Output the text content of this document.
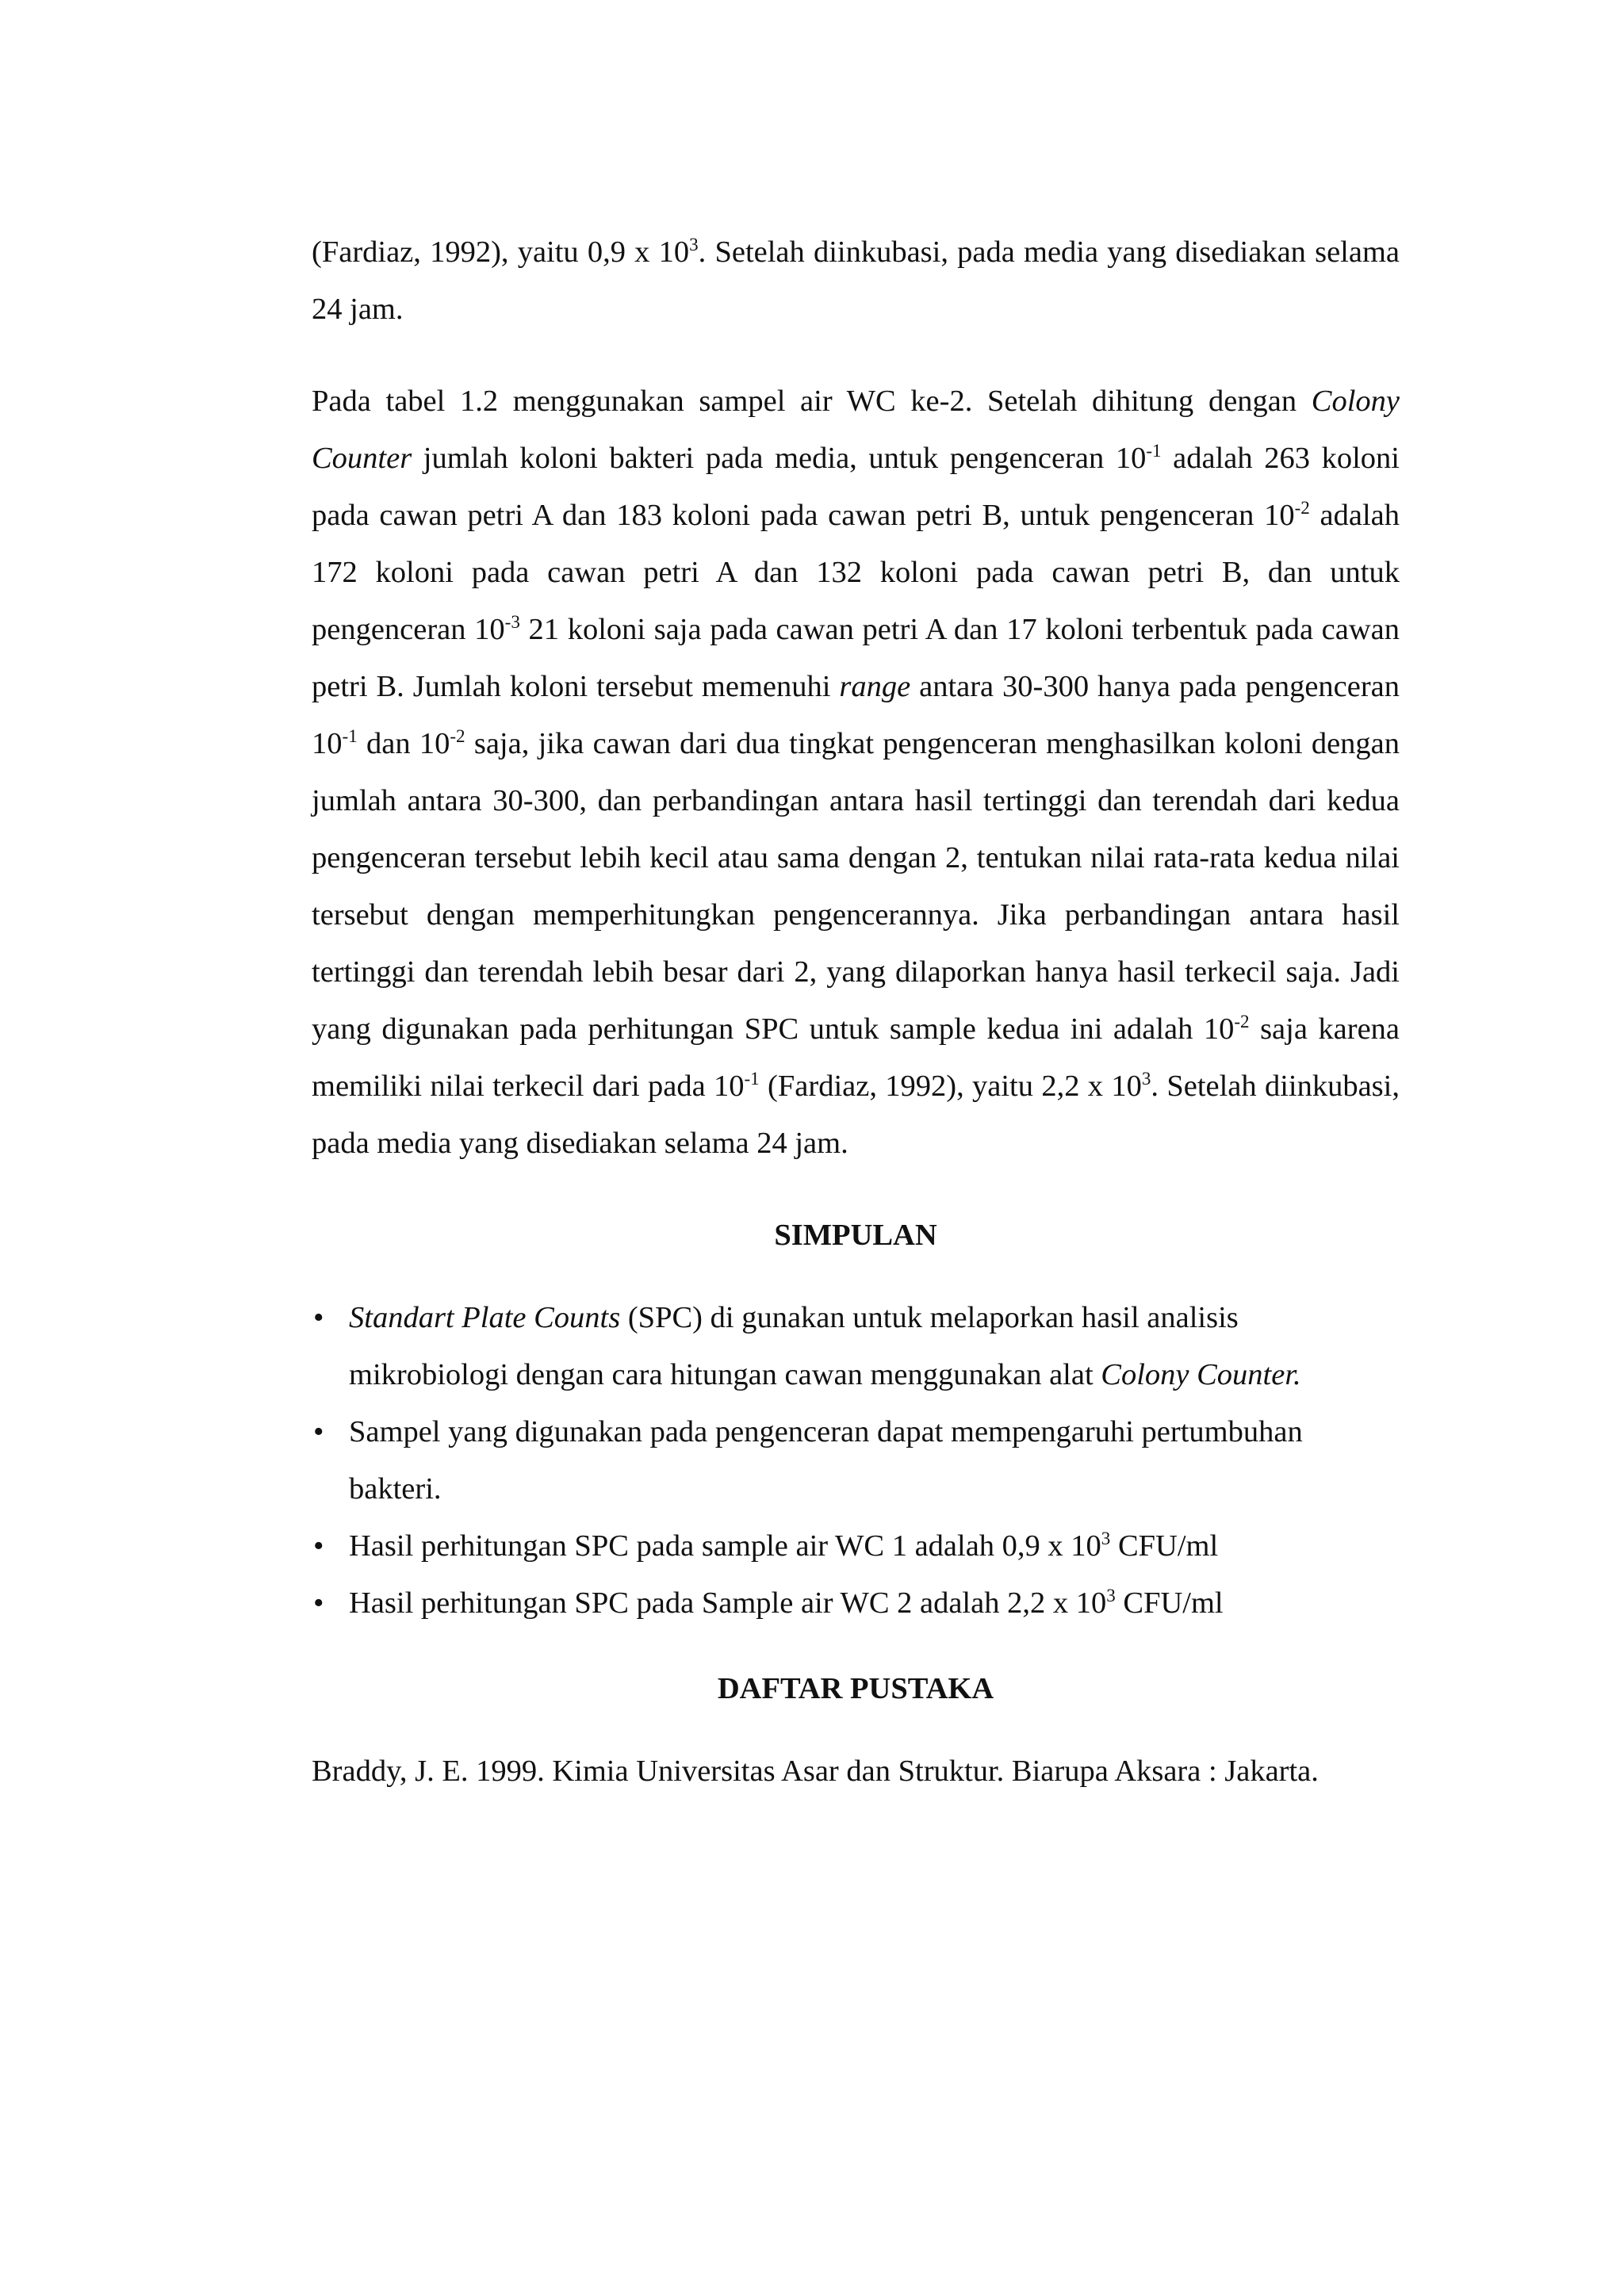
(Fardiaz, 1992), yaitu 0,9 x $10^3$. Setelah diinkubasi, pada media yang disediakan selama 24 jam.

Pada tabel 1.2 menggunakan sampel air WC ke-2. Setelah dihitung dengan Colony Counter jumlah koloni bakteri pada media, untuk pengenceran $10^{-1}$ adalah 263 koloni pada cawan petri A dan 183 koloni pada cawan petri B, untuk pengenceran $10^{-2}$ adalah 172 koloni pada cawan petri A dan 132 koloni pada cawan petri B, dan untuk pengenceran $10^{-3}$ 21 koloni saja pada cawan petri A dan 17 koloni terbentuk pada cawan petri B. Jumlah koloni tersebut memenuhi range antara 30-300 hanya pada pengenceran $10^{-1}$ dan $10^{-2}$ saja, jika cawan dari dua tingkat pengenceran menghasilkan koloni dengan jumlah antara 30-300, dan perbandingan antara hasil tertinggi dan terendah dari kedua pengenceran tersebut lebih kecil atau sama dengan 2, tentukan nilai rata-rata kedua nilai tersebut dengan memperhitungkan pengencerannya. Jika perbandingan antara hasil tertinggi dan terendah lebih besar dari 2, yang dilaporkan hanya hasil terkecil saja. Jadi yang digunakan pada perhitungan SPC untuk sample kedua ini adalah $10^{-2}$ saja karena memiliki nilai terkecil dari pada $10^{-1}$ (Fardiaz, 1992), yaitu 2,2 x $10^3$. Setelah diinkubasi, pada media yang disediakan selama 24 jam.

SIMPULAN
• Standart Plate Counts (SPC) di gunakan untuk melaporkan hasil analisis mikrobiologi dengan cara hitungan cawan menggunakan alat Colony Counter.
• Sampel yang digunakan pada pengenceran dapat mempengaruhi pertumbuhan bakteri.
• Hasil perhitungan SPC pada sample air WC 1 adalah 0,9 x $10^3$ CFU/ml
• Hasil perhitungan SPC pada Sample air WC 2 adalah 2,2 x $10^3$ CFU/ml
DAFTAR PUSTAKA
Braddy, J. E. 1999. Kimia Universitas Asar dan Struktur. Biarupa Aksara : Jakarta.
